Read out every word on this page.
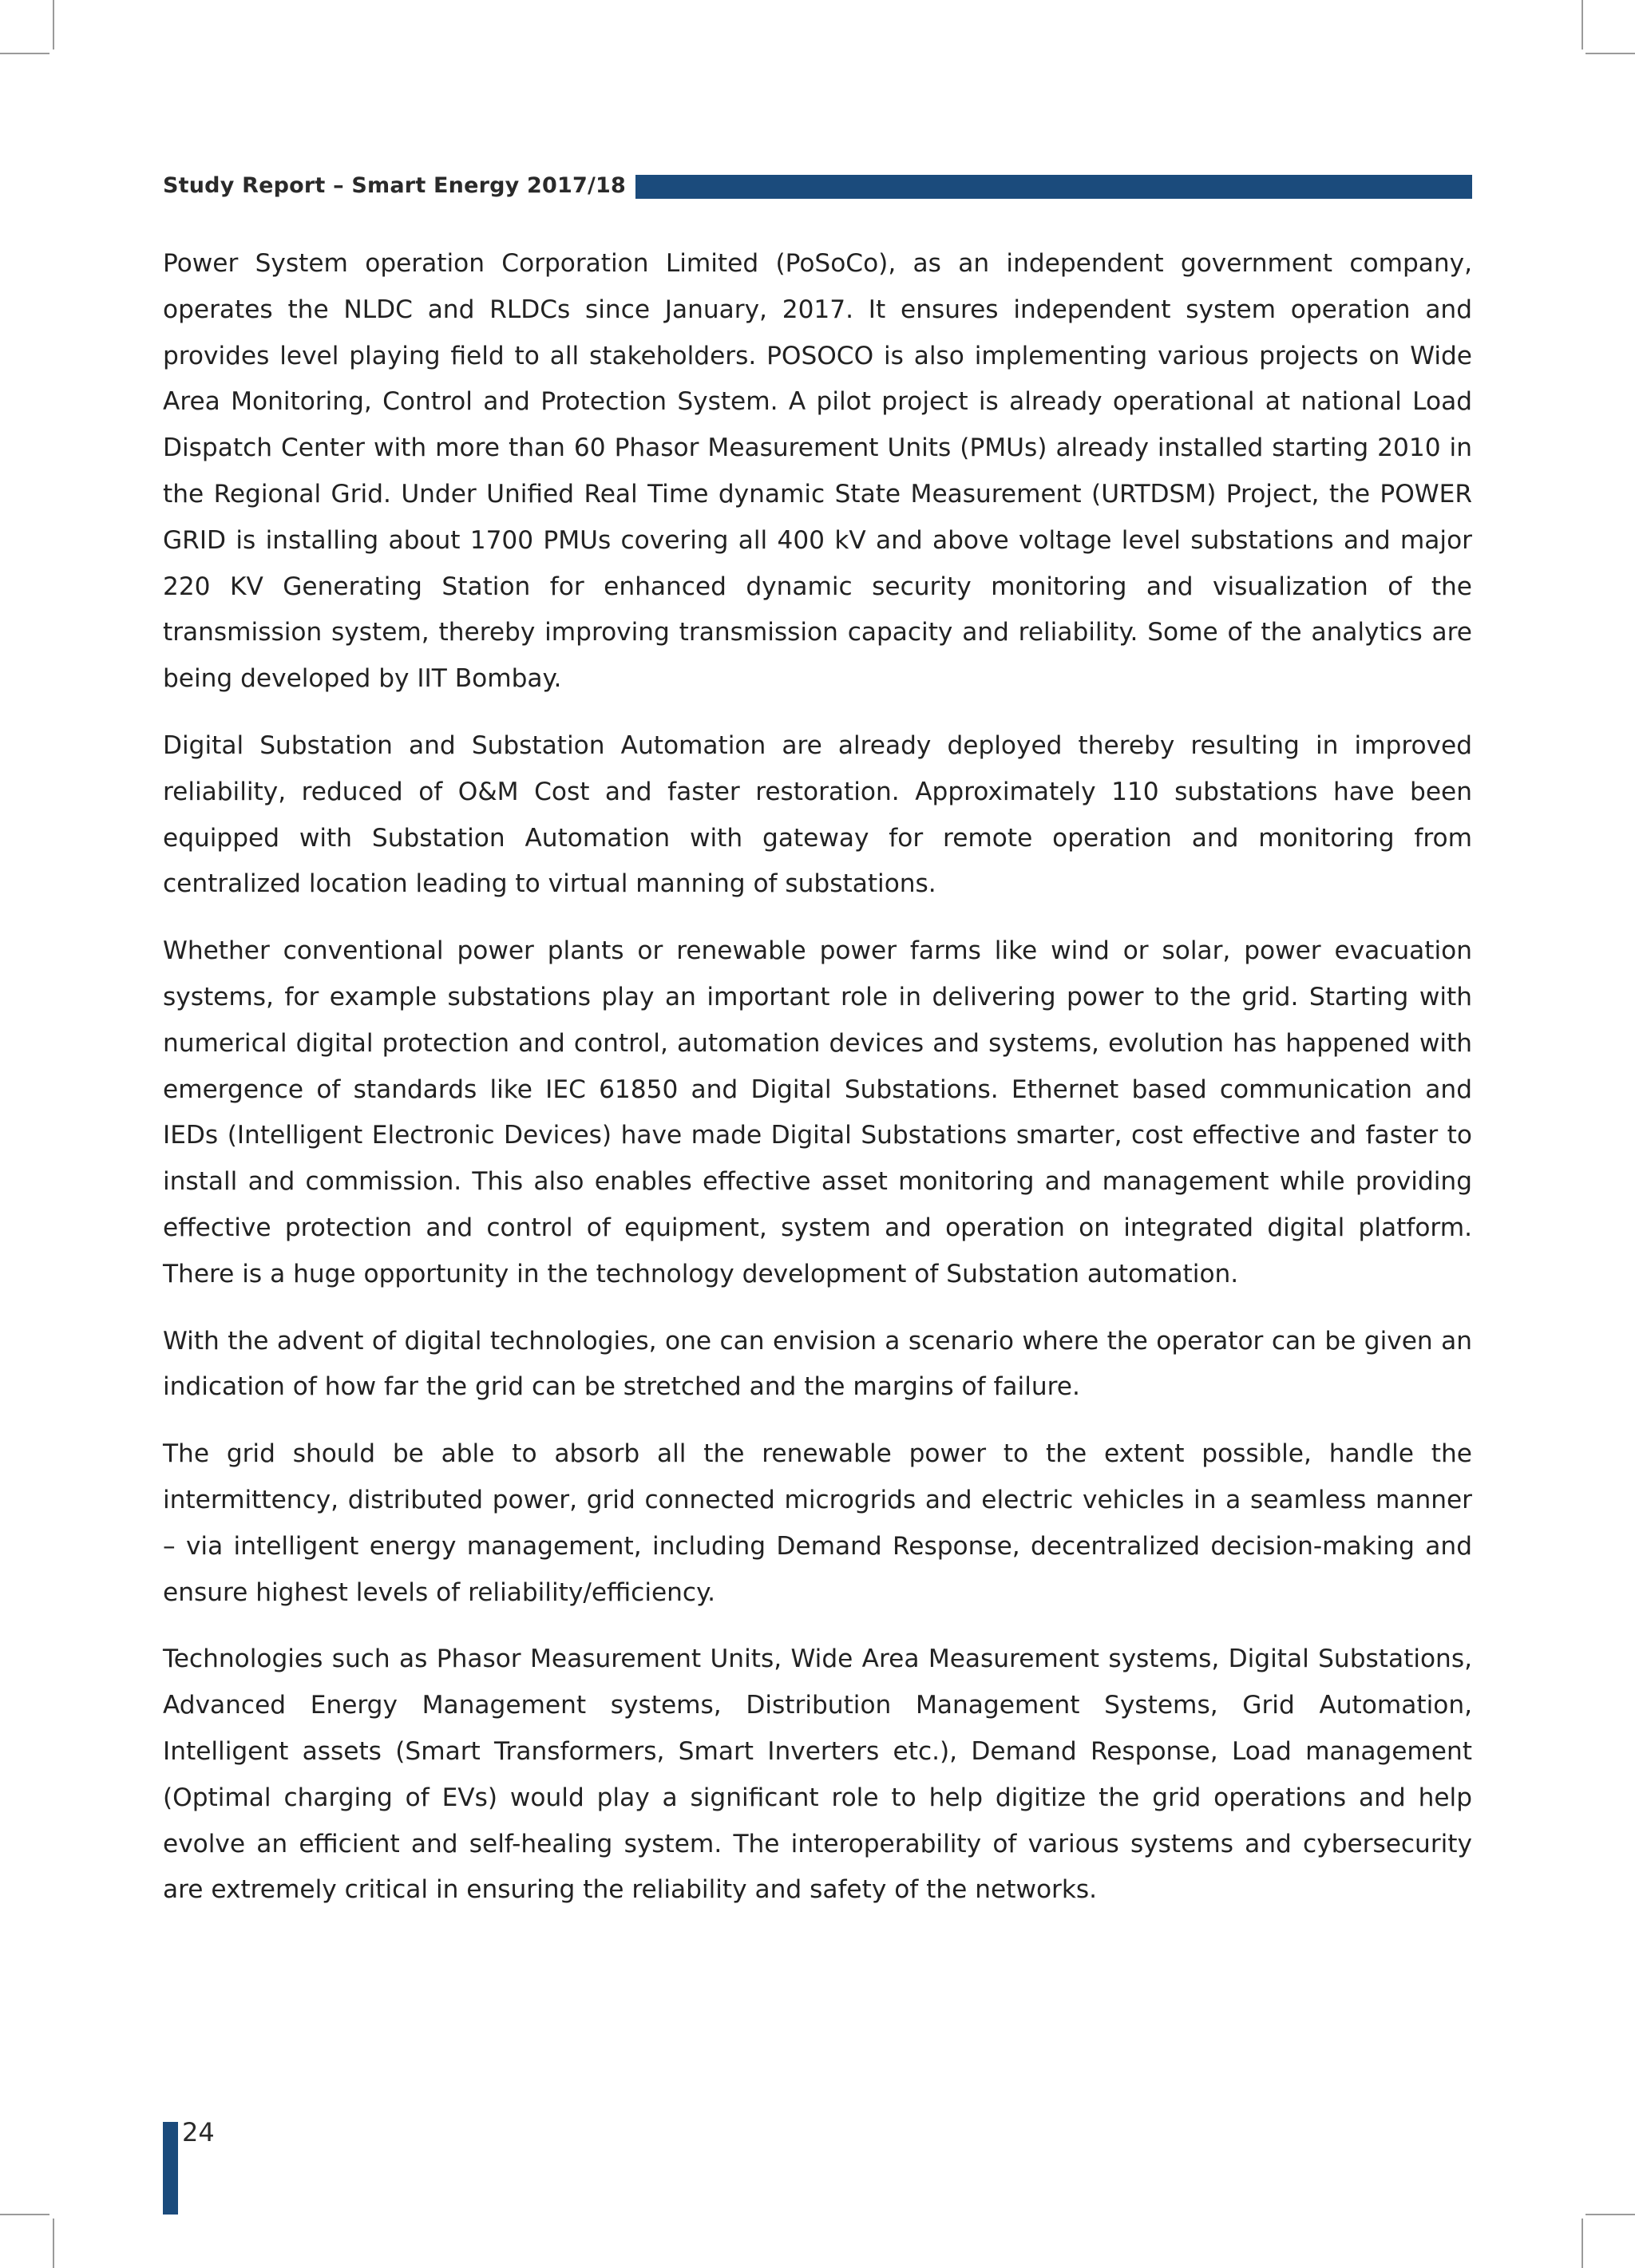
Study Report – Smart Energy 2017/18

Power System operation Corporation Limited (PoSoCo), as an independent government company, operates the NLDC and RLDCs since January, 2017. It ensures independent system operation and provides level playing field to all stakeholders. POSOCO is also implementing various projects on Wide Area Monitoring, Control and Protection System. A pilot project is already operational at national Load Dispatch Center with more than 60 Phasor Measurement Units (PMUs) already installed starting 2010 in the Regional Grid. Under Unified Real Time dynamic State Measurement (URTDSM) Project, the POWER GRID is installing about 1700 PMUs covering all 400 kV and above voltage level substations and major 220 KV Generating Station for enhanced dynamic security monitoring and visualization of the transmission system, thereby improving transmission capacity and reliability. Some of the analytics are being developed by IIT Bombay.

Digital Substation and Substation Automation are already deployed thereby resulting in improved reliability, reduced of O&M Cost and faster restoration. Approximately 110 substations have been equipped with Substation Automation with gateway for remote operation and monitoring from centralized location leading to virtual manning of substations.

Whether conventional power plants or renewable power farms like wind or solar, power evacuation systems, for example substations play an important role in delivering power to the grid. Starting with numerical digital protection and control, automation devices and systems, evolution has happened with emergence of standards like IEC 61850 and Digital Substations. Ethernet based communication and IEDs (Intelligent Electronic Devices) have made Digital Substations smarter, cost effective and faster to install and commission. This also enables effective asset monitoring and management while providing effective protection and control of equipment, system and operation on integrated digital platform. There is a huge opportunity in the technology development of Substation automation.

With the advent of digital technologies, one can envision a scenario where the operator can be given an indication of how far the grid can be stretched and the margins of failure.

The grid should be able to absorb all the renewable power to the extent possible, handle the intermittency, distributed power, grid connected microgrids and electric vehicles in a seamless manner – via intelligent energy management, including Demand Response, decentralized decision-making and ensure highest levels of reliability/efficiency.

Technologies such as Phasor Measurement Units, Wide Area Measurement systems, Digital Substations, Advanced Energy Management systems, Distribution Management Systems, Grid Automation, Intelligent assets (Smart Transformers, Smart Inverters etc.), Demand Response, Load management (Optimal charging of EVs) would play a significant role to help digitize the grid operations and help evolve an efficient and self-healing system. The interoperability of various systems and cybersecurity are extremely critical in ensuring the reliability and safety of the networks.

24
